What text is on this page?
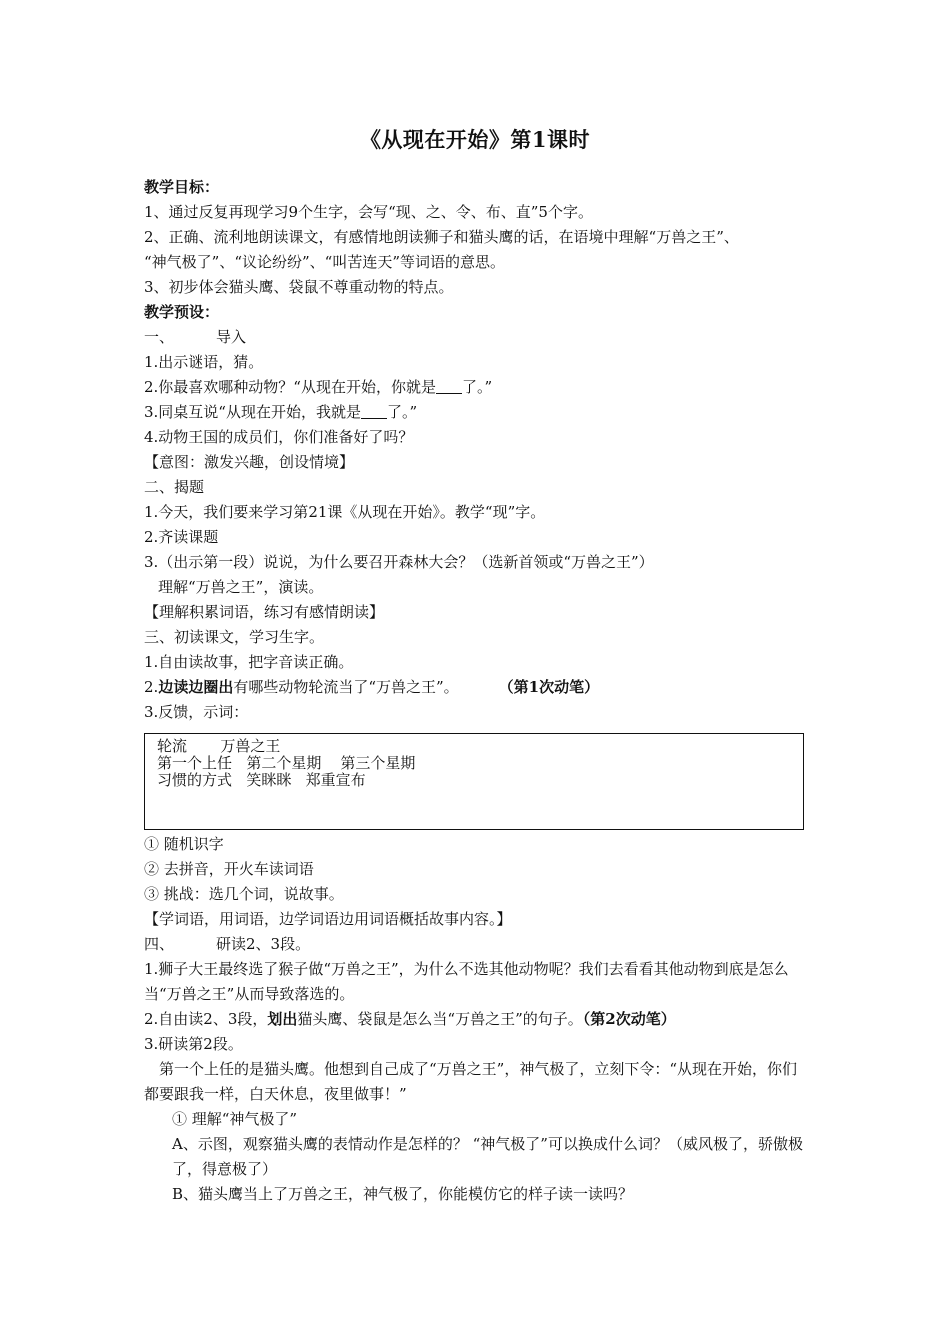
《从现在开始》第1课时
教学目标：
1、通过反复再现学习9个生字，会写“现、之、令、布、直”5个字。
2、正确、流利地朗读课文，有感情地朗读狮子和猫头鹰的话，在语境中理解“万兽之王”、
“神气极了”、“议论纷纷”、“叫苦连天”等词语的意思。
3、初步体会猫头鹰、袋鼠不尊重动物的特点。
教学预设：
一、	导入
1.出示谜语，猜。
2.你最喜欢哪种动物？“从现在开始，你就是 了。”
3.同桌互说“从现在开始，我就是 了。”
4.动物王国的成员们，你们准备好了吗？
【意图：激发兴趣，创设情境】
二、揭题
1.今天，我们要来学习第21课《从现在开始》。教学“现”字。
2.齐读课题
3.（出示第一段）说说，为什么要召开森林大会？（选新首领或“万兽之王”）
理解“万兽之王”，演读。
【理解积累词语，练习有感情朗读】
三、初读课文，学习生字。
1.自由读故事，把字音读正确。
2.边读边圈出有哪些动物轮流当了“万兽之王”。	（第1次动笔）
3.反馈，示词：
轮流 万兽之王
第一个上任 第二个星期 第三个星期
习惯的方式 笑眯眯 郑重宣布
① 随机识字
② 去拼音，开火车读词语
③ 挑战：选几个词，说故事。
【学词语，用词语，边学词语边用词语概括故事内容。】
四、	研读2、3段。
1.狮子大王最终选了猴子做“万兽之王”，为什么不选其他动物呢？我们去看看其他动物到底是怎么当“万兽之王”从而导致落选的。
2.自由读2、3段，划出猫头鹰、袋鼠是怎么当“万兽之王”的句子。（第2次动笔）
3.研读第2段。
第一个上任的是猫头鹰。他想到自己成了“万兽之王”，神气极了，立刻下令：“从现在开始，你们都要跟我一样，白天休息，夜里做事！”
① 理解“神气极了”
A、示图，观察猫头鹰的表情动作是怎样的？ “神气极了”可以换成什么词？（威风极了，骄傲极了，得意极了）
B、猫头鹰当上了万兽之王，神气极了，你能模仿它的样子读一读吗？
